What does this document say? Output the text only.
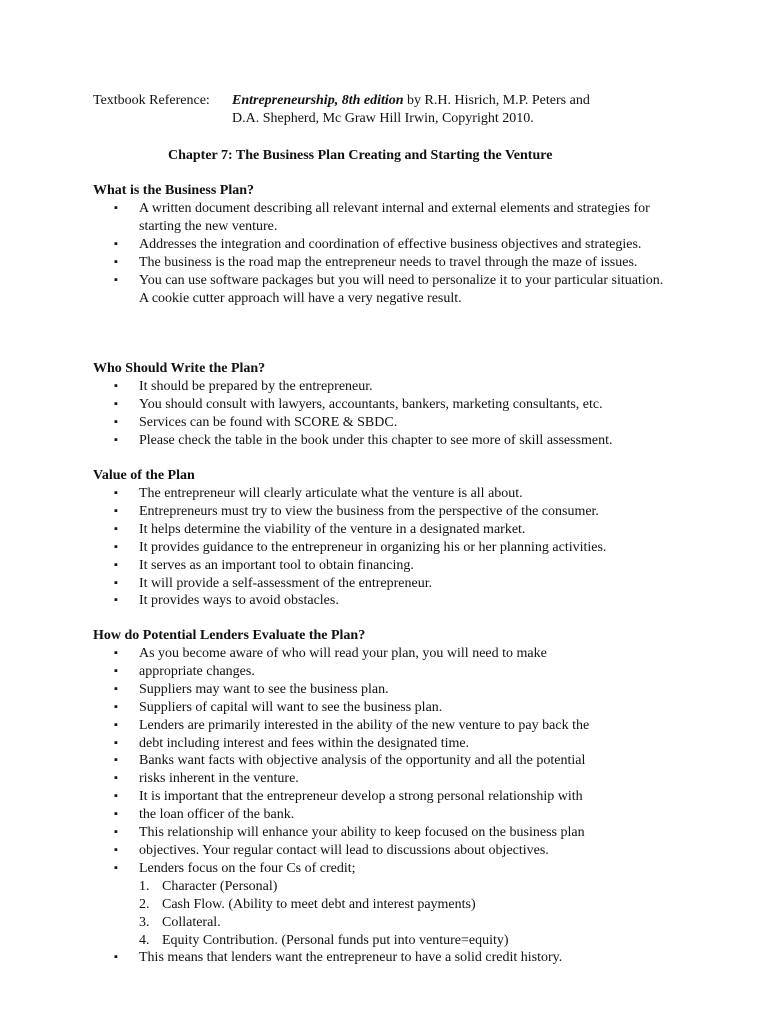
Textbook Reference:	Entrepreneurship, 8th edition by R.H. Hisrich, M.P. Peters and
D.A. Shepherd, Mc Graw Hill Irwin, Copyright 2010.
Chapter 7: The Business Plan Creating and Starting the Venture
What is the Business Plan?
▪ A written document describing all relevant internal and external elements and strategies for starting the new venture.
▪ Addresses the integration and coordination of effective business objectives and strategies.
▪ The business is the road map the entrepreneur needs to travel through the maze of issues.
▪ You can use software packages but you will need to personalize it to your particular situation. A cookie cutter approach will have a very negative result.
Who Should Write the Plan?
▪ It should be prepared by the entrepreneur.
▪ You should consult with lawyers, accountants, bankers, marketing consultants, etc.
▪ Services can be found with SCORE & SBDC.
▪ Please check the table in the book under this chapter to see more of skill assessment.
Value of the Plan
▪ The entrepreneur will clearly articulate what the venture is all about.
▪ Entrepreneurs must try to view the business from the perspective of the consumer.
▪ It helps determine the viability of the venture in a designated market.
▪ It provides guidance to the entrepreneur in organizing his or her planning activities.
▪ It serves as an important tool to obtain financing.
▪ It will provide a self-assessment of the entrepreneur.
▪ It provides ways to avoid obstacles.
How do Potential Lenders Evaluate the Plan?
▪ As you become aware of who will read your plan, you will need to make
▪ appropriate changes.
▪ Suppliers may want to see the business plan.
▪ Suppliers of capital will want to see the business plan.
▪ Lenders are primarily interested in the ability of the new venture to pay back the
▪ debt including interest and fees within the designated time.
▪ Banks want facts with objective analysis of the opportunity and all the potential
▪ risks inherent in the venture.
▪ It is important that the entrepreneur develop a strong personal relationship with
▪ the loan officer of the bank.
▪ This relationship will enhance your ability to keep focused on the business plan
▪ objectives. Your regular contact will lead to discussions about objectives.
▪ Lenders focus on the four Cs of credit;
1. Character (Personal)
2. Cash Flow. (Ability to meet debt and interest payments)
3. Collateral.
4. Equity Contribution. (Personal funds put into venture=equity)
▪ This means that lenders want the entrepreneur to have a solid credit history.
